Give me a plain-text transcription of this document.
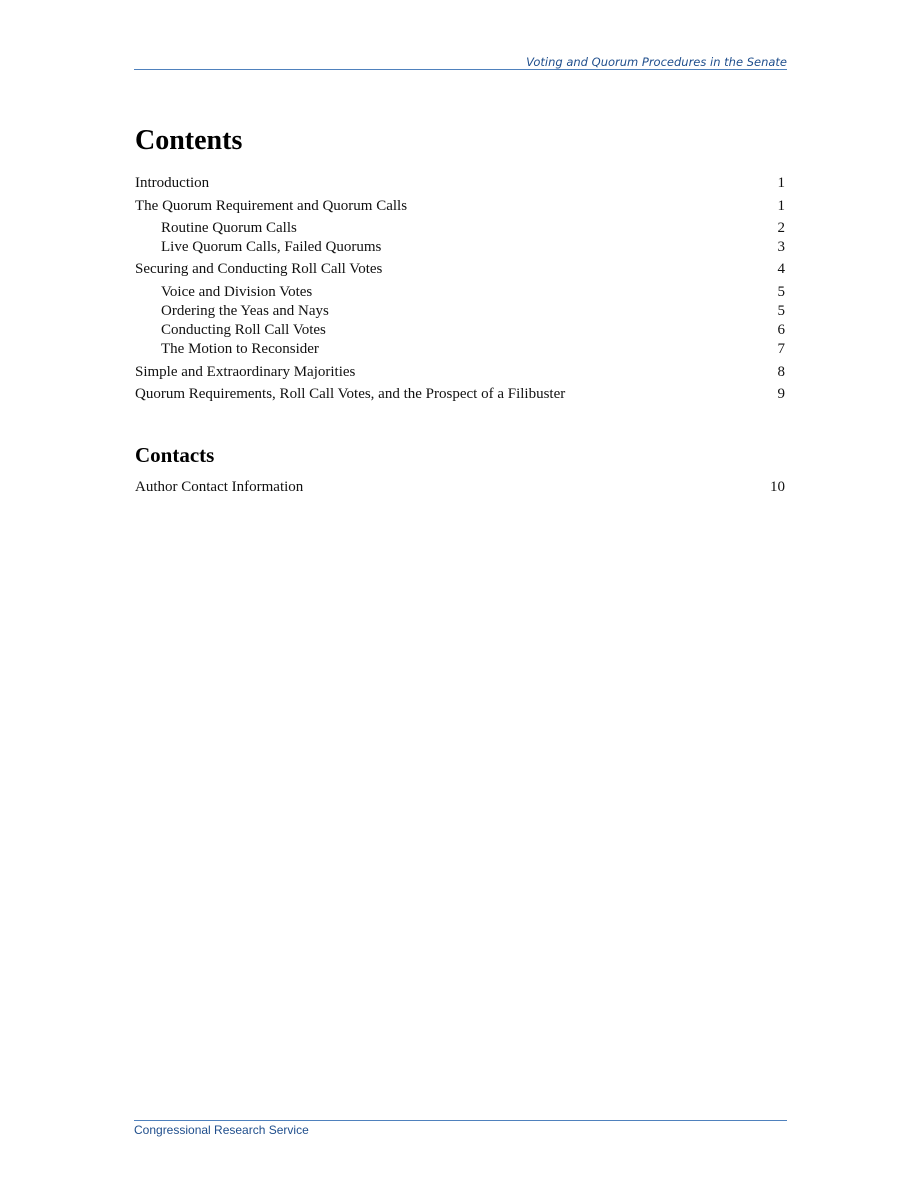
Voting and Quorum Procedures in the Senate
Contents
Introduction	1
The Quorum Requirement and Quorum Calls	1
Routine Quorum Calls	2
Live Quorum Calls, Failed Quorums	3
Securing and Conducting Roll Call Votes	4
Voice and Division Votes	5
Ordering the Yeas and Nays	5
Conducting Roll Call Votes	6
The Motion to Reconsider	7
Simple and Extraordinary Majorities	8
Quorum Requirements, Roll Call Votes, and the Prospect of a Filibuster	9
Contacts
Author Contact Information	10
Congressional Research Service
